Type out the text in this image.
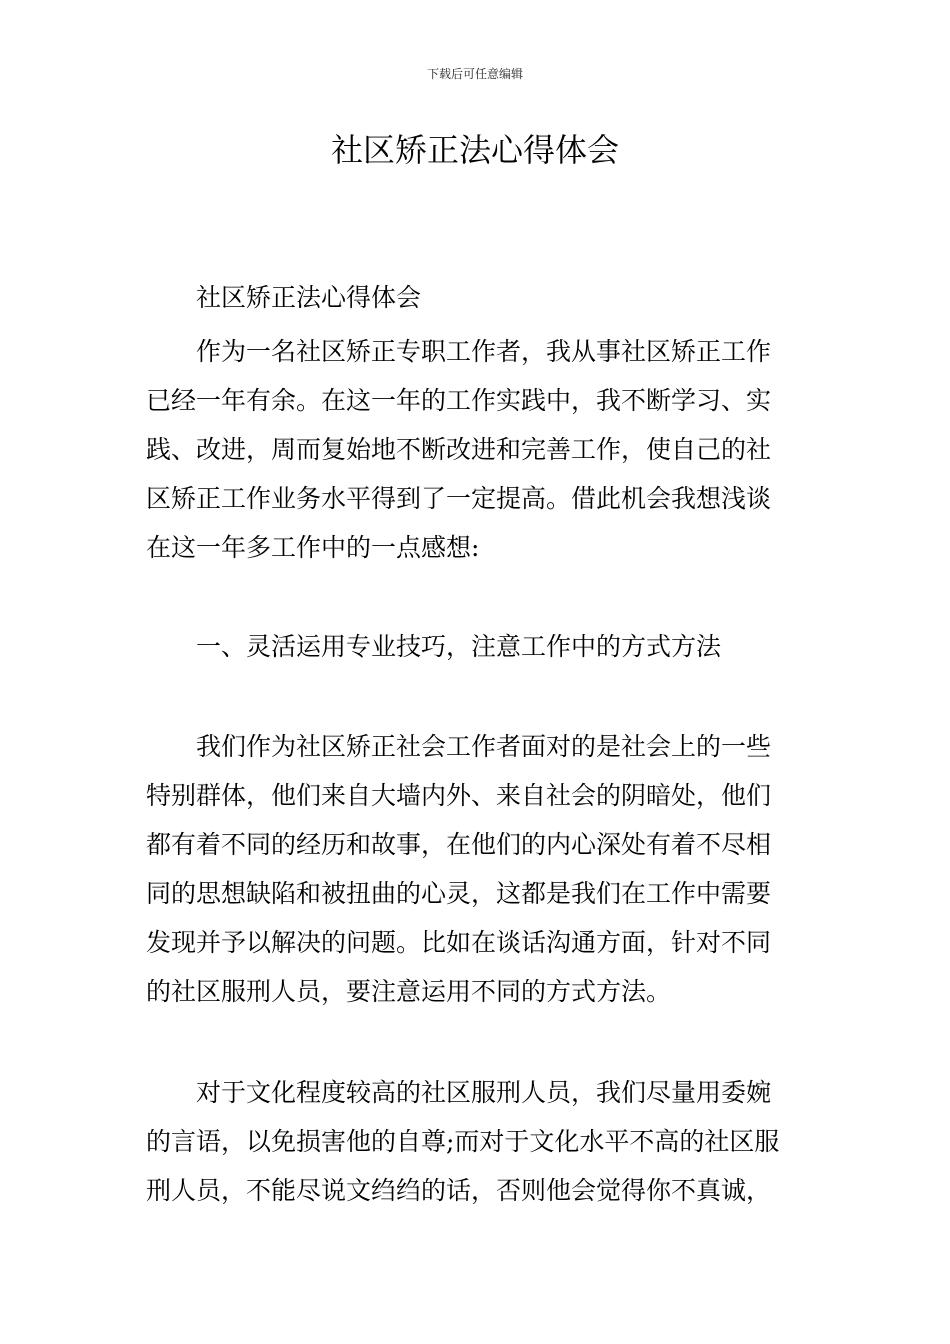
下载后可任意编辑
社区矫正法心得体会
社区矫正法心得体会
作为一名社区矫正专职工作者，我从事社区矫正工作
已经一年有余。在这一年的工作实践中，我不断学习、实
践、改进，周而复始地不断改进和完善工作，使自己的社
区矫正工作业务水平得到了一定提高。借此机会我想浅谈
在这一年多工作中的一点感想:
一、灵活运用专业技巧，注意工作中的方式方法
我们作为社区矫正社会工作者面对的是社会上的一些
特别群体，他们来自大墙内外、来自社会的阴暗处，他们
都有着不同的经历和故事，在他们的内心深处有着不尽相
同的思想缺陷和被扭曲的心灵，这都是我们在工作中需要
发现并予以解决的问题。比如在谈话沟通方面，针对不同
的社区服刑人员，要注意运用不同的方式方法。
对于文化程度较高的社区服刑人员，我们尽量用委婉
的言语，以免损害他的自尊;而对于文化水平不高的社区服
刑人员，不能尽说文绉绉的话，否则他会觉得你不真诚，
